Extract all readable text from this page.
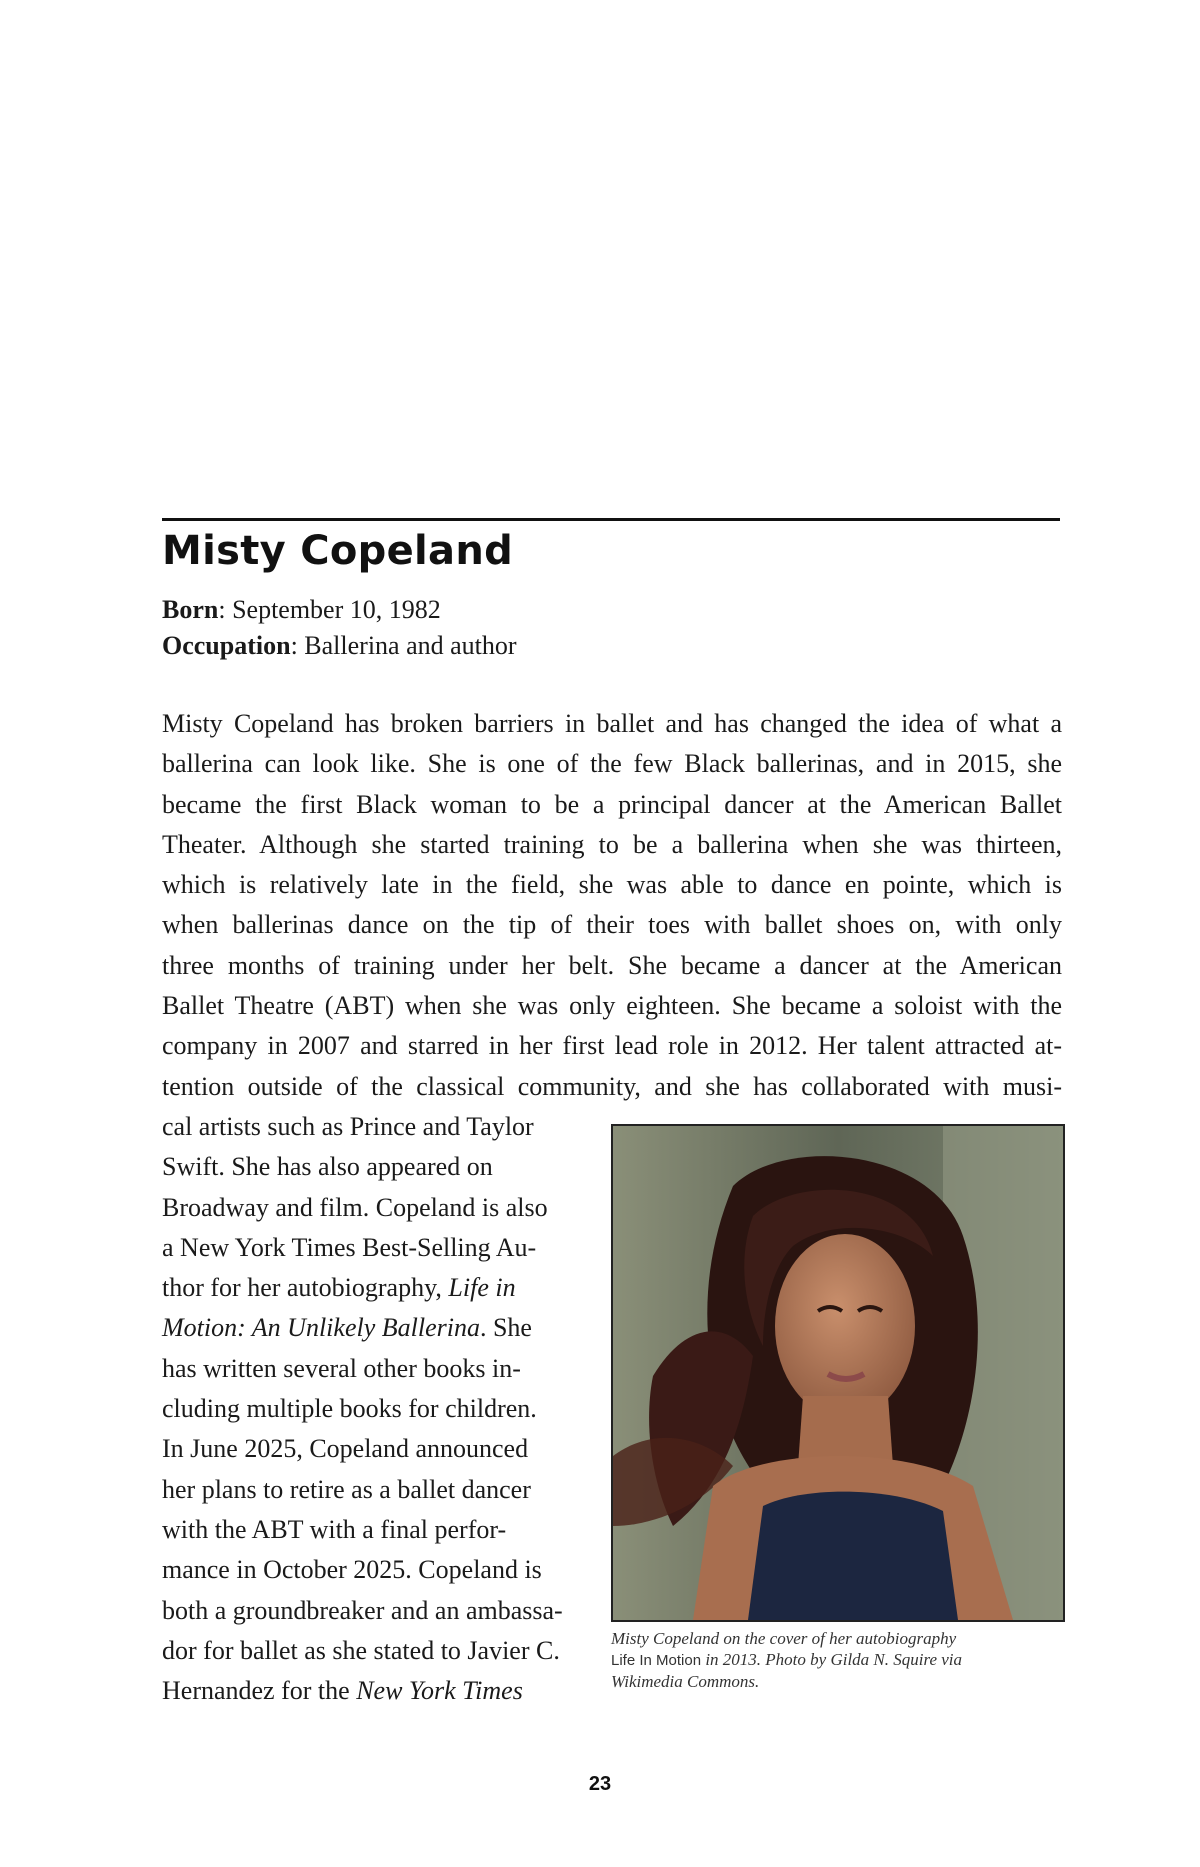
Misty Copeland
Born: September 10, 1982
Occupation: Ballerina and author
Misty Copeland has broken barriers in ballet and has changed the idea of what a
ballerina can look like. She is one of the few Black ballerinas, and in 2015, she
became the first Black woman to be a principal dancer at the American Ballet
Theater. Although she started training to be a ballerina when she was thirteen,
which is relatively late in the field, she was able to dance en pointe, which is
when ballerinas dance on the tip of their toes with ballet shoes on, with only
three months of training under her belt. She became a dancer at the American
Ballet Theatre (ABT) when she was only eighteen. She became a soloist with the
company in 2007 and starred in her first lead role in 2012. Her talent attracted at-
tention outside of the classical community, and she has collaborated with musi-
cal artists such as Prince and Taylor
Swift. She has also appeared on
Broadway and film. Copeland is also
a New York Times Best-Selling Au-
thor for her autobiography, Life in
Motion: An Unlikely Ballerina. She
has written several other books in-
cluding multiple books for children.
In June 2025, Copeland announced
her plans to retire as a ballet dancer
with the ABT with a final perfor-
mance in October 2025. Copeland is
both a groundbreaker and an ambassa-
dor for ballet as she stated to Javier C.
Hernandez for the New York Times
Misty Copeland on the cover of her autobiography
Life In Motion in 2013. Photo by Gilda N. Squire via
Wikimedia Commons.
23
